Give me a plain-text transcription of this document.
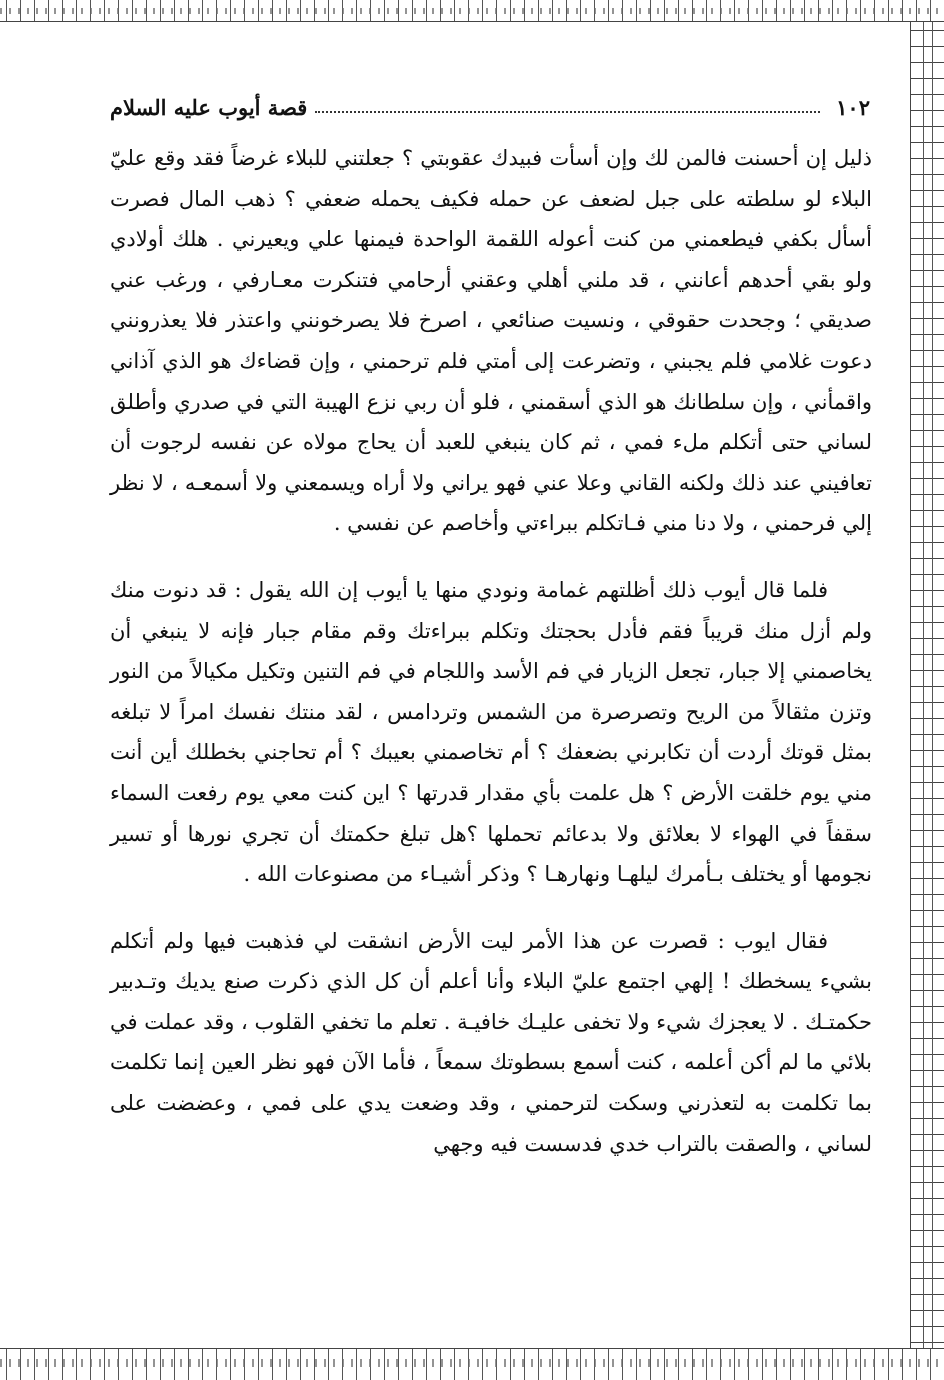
١٠٢
قصة أيوب عليه السلام

ذليل إن أحسنت فالمن لك وإن أسأت فبيدك عقوبتي ؟ جعلتني للبلاء غرضاً فقد وقع عليّ البلاء لو سلطته على جبل لضعف عن حمله فكيف يحمله ضعفي ؟ ذهب المال فصرت أسأل بكفي فيطعمني من كنت أعوله اللقمة الواحدة فيمنها علي ويعيرني . هلك أولادي ولو بقي أحدهم أعانني ، قد ملني أهلي وعقني أرحامي فتنكرت معـارفي ، ورغب عني صديقي ؛ وجحدت حقوقي ، ونسيت صنائعي ، اصرخ فلا يصرخونني واعتذر فلا يعذرونني دعوت غلامي فلم يجبني ، وتضرعت إلى أمتي فلم ترحمني ، وإن قضاءك هو الذي آذاني واقمأني ، وإن سلطانك هو الذي أسقمني ، فلو أن ربي نزع الهيبة التي في صدري وأطلق لساني حتى أتكلم ملء فمي ، ثم كان ينبغي للعبد أن يحاج مولاه عن نفسه لرجوت أن تعافيني عند ذلك ولكنه القاني وعلا عني فهو يراني ولا أراه ويسمعني ولا أسمعـه ، لا نظر إلي فرحمني ، ولا دنا مني فـاتكلم ببراءتي وأخاصم عن نفسي .

فلما قال أيوب ذلك أظلتهم غمامة ونودي منها يا أيوب إن الله يقول : قد دنوت منك ولم أزل منك قريباً فقم فأدل بحجتك وتكلم ببراءتك وقم مقام جبار فإنه لا ينبغي أن يخاصمني إلا جبار، تجعل الزيار في فم الأسد واللجام في فم التنين وتكيل مكيالاً من النور وتزن مثقالاً من الريح وتصرصرة من الشمس وتردامس ، لقد منتك نفسك امراً لا تبلغه بمثل قوتك أردت أن تكابرني بضعفك ؟ أم تخاصمني بعيبك ؟ أم تحاجني بخطلك أين أنت مني يوم خلقت الأرض ؟ هل علمت بأي مقدار قدرتها ؟ اين كنت معي يوم رفعت السماء سقفاً في الهواء لا بعلائق ولا بدعائم تحملها ؟هل تبلغ حكمتك أن تجري نورها أو تسير نجومها أو يختلف بـأمرك ليلهـا ونهارهـا ؟ وذكر أشيـاء من مصنوعات الله .

فقال ايوب : قصرت عن هذا الأمر ليت الأرض انشقت لي فذهبت فيها ولم أتكلم بشيء يسخطك ! إلهي اجتمع عليّ البلاء وأنا أعلم أن كل الذي ذكرت صنع يديك وتـدبير حكمتـك . لا يعجزك شيء ولا تخفى عليـك خافيـة . تعلم ما تخفي القلوب ، وقد عملت في بلائي ما لم أكن أعلمه ، كنت أسمع بسطوتك سمعاً ، فأما الآن فهو نظر العين إنما تكلمت بما تكلمت به لتعذرني وسكت لترحمني ، وقد وضعت يدي على فمي ، وعضضت على لساني ، والصقت بالتراب خدي فدسست فيه وجهي
